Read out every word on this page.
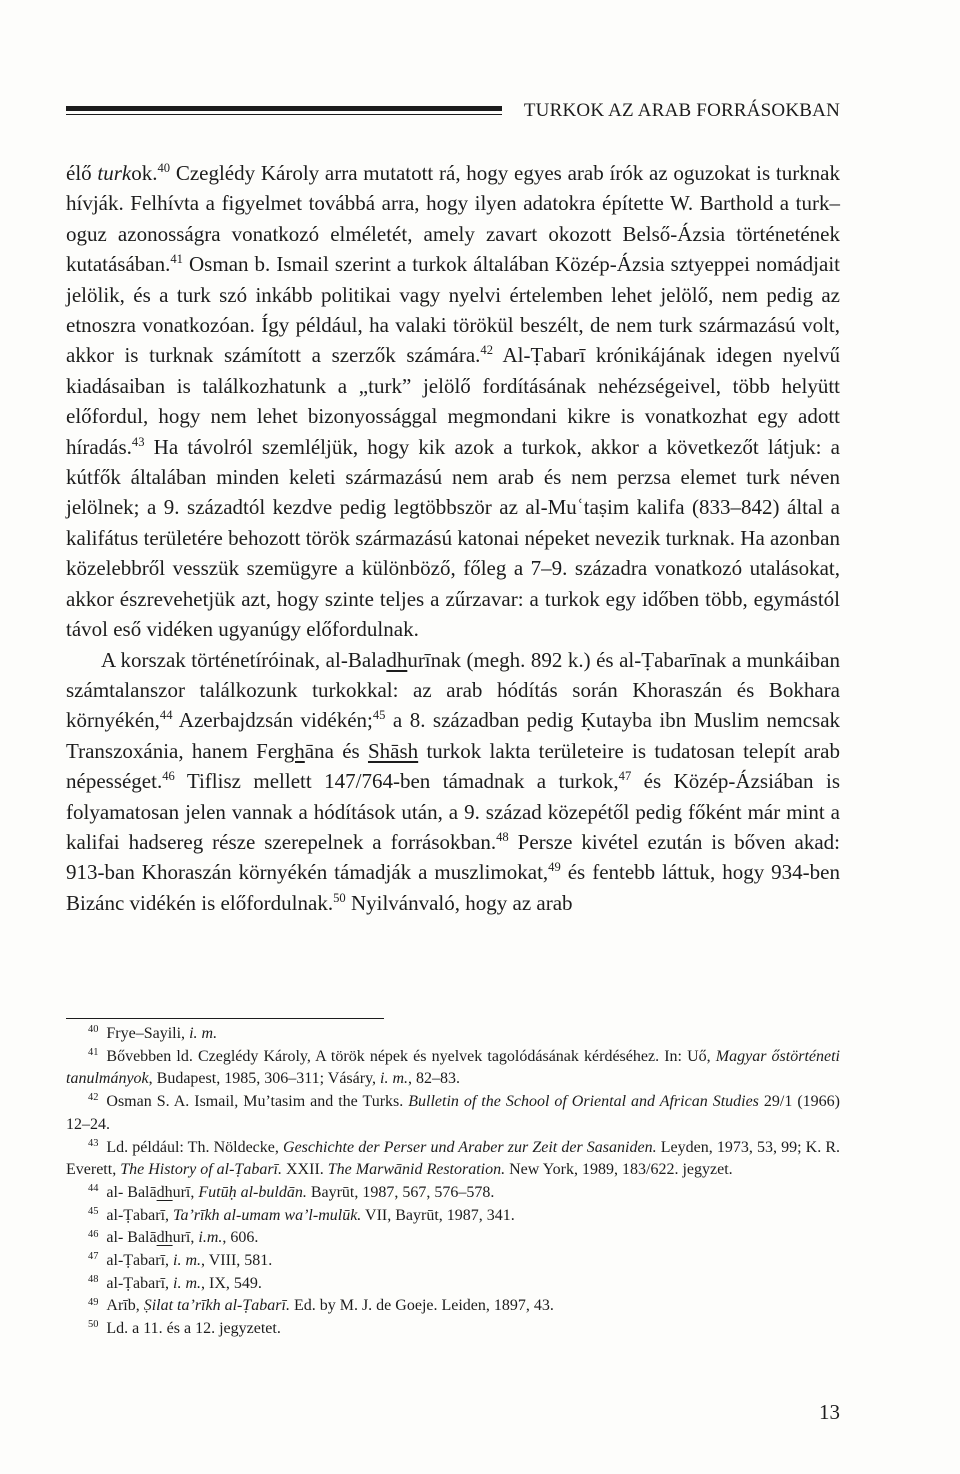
TURKOK AZ ARAB FORRÁSOKBAN

élő turkok.$^{40}$ Czeglédy Károly arra mutatott rá, hogy egyes arab írók az oguzokat is turknak hívják. Felhívta a figyelmet továbbá arra, hogy ilyen adatokra építette W. Barthold a turk–oguz azonosságra vonatkozó elméletét, amely zavart okozott Belső-Ázsia történetének kutatásában.$^{41}$ Osman b. Ismail szerint a turkok általában Közép-Ázsia sztyeppei nomádjait jelölik, és a turk szó inkább politikai vagy nyelvi értelemben lehet jelölő, nem pedig az etnoszra vonatkozóan. Így például, ha valaki törökül beszélt, de nem turk származású volt, akkor is turknak számított a szerzők számára.$^{42}$ Al-Ṭabarī krónikájának idegen nyelvű kiadásaiban is találkozhatunk a „turk” jelölő fordításának nehézségeivel, több helyütt előfordul, hogy nem lehet bizonyossággal megmondani kikre is vonatkozhat egy adott híradás.$^{43}$ Ha távolról szemléljük, hogy kik azok a turkok, akkor a következőt látjuk: a kútfők általában minden keleti származású nem arab és nem perzsa elemet turk néven jelölnek; a 9. századtól kezdve pedig legtöbbször az al-Muʿtaṣim kalifa (833–842) által a kalifátus területére behozott török származású katonai népeket nevezik turknak. Ha azonban közelebbről vesszük szemügyre a különböző, főleg a 7–9. századra vonatkozó utalásokat, akkor észrevehetjük azt, hogy szinte teljes a zűrzavar: a turkok egy időben több, egymástól távol eső vidéken ugyanúgy előfordulnak.

A korszak történetíróinak, al-Baladhurīnak (megh. 892 k.) és al-Ṭabarīnak a munkáiban számtalanszor találkozunk turkokkal: az arab hódítás során Khoraszán és Bokhara környékén,$^{44}$ Azerbajdzsán vidékén;$^{45}$ a 8. században pedig Ḳutayba ibn Muslim nemcsak Transzoxánia, hanem Ferghāna és Shāsh turkok lakta területeire is tudatosan telepít arab népességet.$^{46}$ Tiflisz mellett 147/764-ben támadnak a turkok,$^{47}$ és Közép-Ázsiában is folyamatosan jelen vannak a hódítások után, a 9. század közepétől pedig főként már mint a kalifai hadsereg része szerepelnek a forrásokban.$^{48}$ Persze kivétel ezután is bőven akad: 913-ban Khoraszán környékén támadják a muszlimokat,$^{49}$ és fentebb láttuk, hogy 934-ben Bizánc vidékén is előfordulnak.$^{50}$ Nyilvánvaló, hogy az arab

$^{40}$ Frye–Sayili, i. m.

$^{41}$ Bővebben ld. Czeglédy Károly, A török népek és nyelvek tagolódásának kérdéséhez. In: Uő, Magyar őstörténeti tanulmányok, Budapest, 1985, 306–311; Vásáry, i. m., 82–83.

$^{42}$ Osman S. A. Ismail, Mu’tasim and the Turks. Bulletin of the School of Oriental and African Studies 29/1 (1966) 12–24.

$^{43}$ Ld. például: Th. Nöldecke, Geschichte der Perser und Araber zur Zeit der Sasaniden. Leyden, 1973, 53, 99; K. R. Everett, The History of al-Ṭabarī. XXII. The Marwānid Restoration. New York, 1989, 183/622. jegyzet.

$^{44}$ al- Balādhurī, Futūḥ al-buldān. Bayrūt, 1987, 567, 576–578.

$^{45}$ al-Ṭabarī, Ta’rīkh al-umam wa’l-mulūk. VII, Bayrūt, 1987, 341.

$^{46}$ al- Balādhurī, i.m., 606.

$^{47}$ al-Ṭabarī, i. m., VIII, 581.

$^{48}$ al-Ṭabarī, i. m., IX, 549.

$^{49}$ Arīb, Ṣilat ta’rīkh al-Ṭabarī. Ed. by M. J. de Goeje. Leiden, 1897, 43.

$^{50}$ Ld. a 11. és a 12. jegyzetet.

13
